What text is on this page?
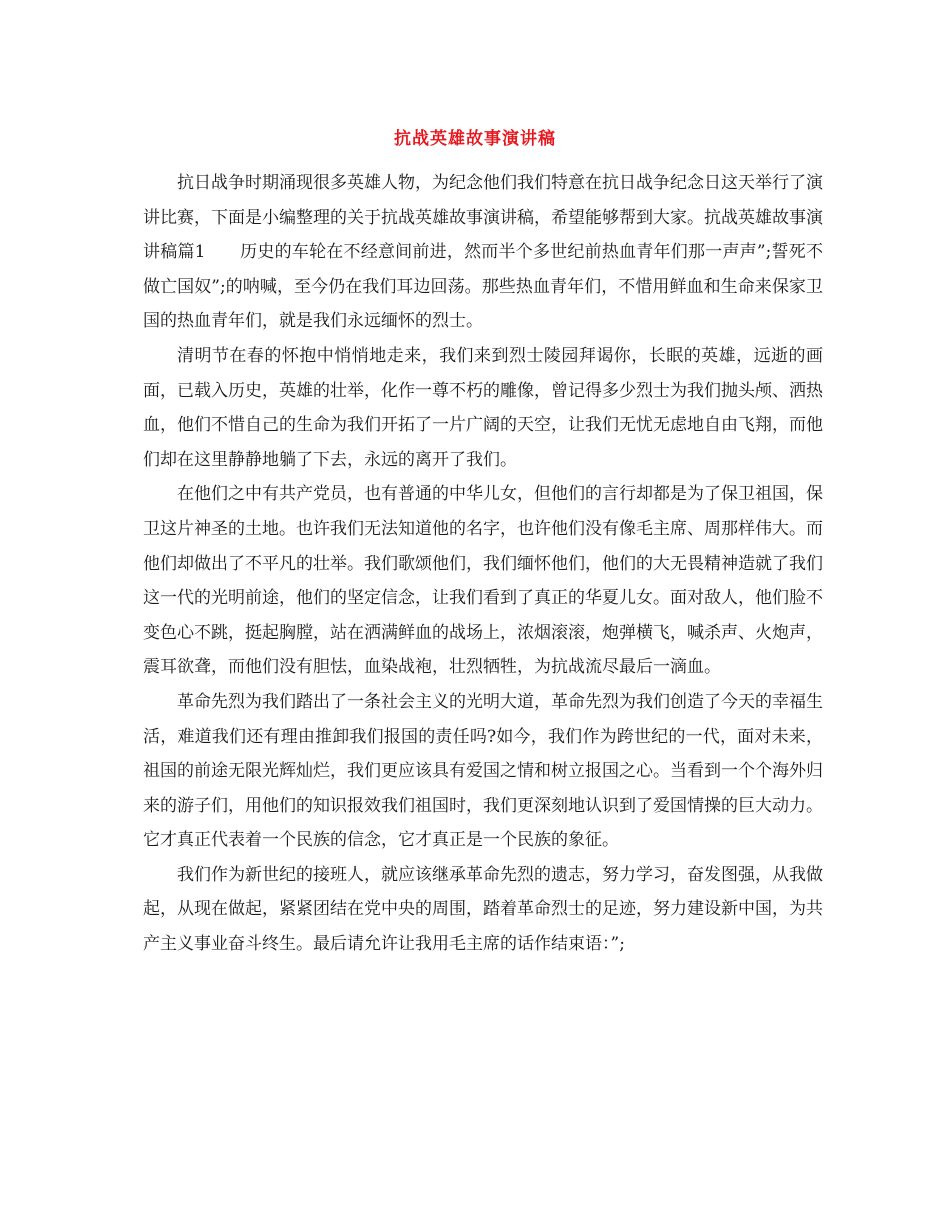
抗战英雄故事演讲稿

抗日战争时期涌现很多英雄人物，为纪念他们我们特意在抗日战争纪念日这天举行了演讲比赛，下面是小编整理的关于抗战英雄故事演讲稿，希望能够帮到大家。抗战英雄故事演讲稿篇1　　历史的车轮在不经意间前进，然而半个多世纪前热血青年们那一声声”;誓死不做亡国奴”;的呐喊，至今仍在我们耳边回荡。那些热血青年们，不惜用鲜血和生命来保家卫国的热血青年们，就是我们永远缅怀的烈士。

清明节在春的怀抱中悄悄地走来，我们来到烈士陵园拜谒你，长眠的英雄，远逝的画面，已载入历史，英雄的壮举，化作一尊不朽的雕像，曾记得多少烈士为我们抛头颅、洒热血，他们不惜自己的生命为我们开拓了一片广阔的天空，让我们无忧无虑地自由飞翔，而他们却在这里静静地躺了下去，永远的离开了我们。

在他们之中有共产党员，也有普通的中华儿女，但他们的言行却都是为了保卫祖国，保卫这片神圣的土地。也许我们无法知道他的名字，也许他们没有像毛主席、周那样伟大。而他们却做出了不平凡的壮举。我们歌颂他们，我们缅怀他们，他们的大无畏精神造就了我们这一代的光明前途，他们的坚定信念，让我们看到了真正的华夏儿女。面对敌人，他们脸不变色心不跳，挺起胸膛，站在洒满鲜血的战场上，浓烟滚滚，炮弹横飞，喊杀声、火炮声，震耳欲聋，而他们没有胆怯，血染战袍，壮烈牺牲，为抗战流尽最后一滴血。

革命先烈为我们踏出了一条社会主义的光明大道，革命先烈为我们创造了今天的幸福生活，难道我们还有理由推卸我们报国的责任吗?如今，我们作为跨世纪的一代，面对未来，祖国的前途无限光辉灿烂，我们更应该具有爱国之情和树立报国之心。当看到一个个海外归来的游子们，用他们的知识报效我们祖国时，我们更深刻地认识到了爱国情操的巨大动力。它才真正代表着一个民族的信念，它才真正是一个民族的象征。

我们作为新世纪的接班人，就应该继承革命先烈的遗志，努力学习，奋发图强，从我做起，从现在做起，紧紧团结在党中央的周围，踏着革命烈士的足迹，努力建设新中国，为共产主义事业奋斗终生。最后请允许让我用毛主席的话作结束语：”;
